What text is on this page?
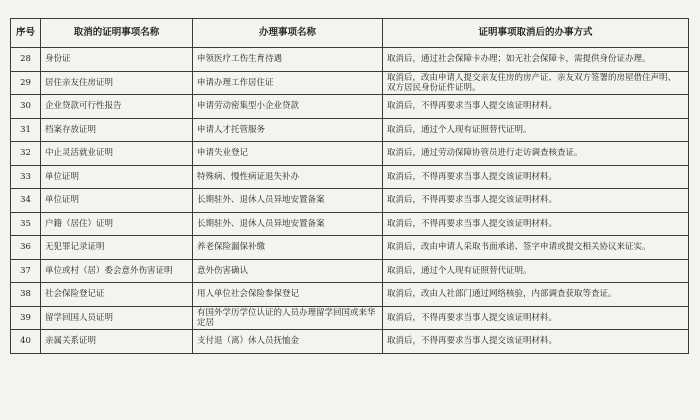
序号	取消的证明事项名称	办理事项名称	证明事项取消后的办事方式
28	身份证	申领医疗工伤生育待遇	取消后，通过社会保障卡办理；如无社会保障卡，需提供身份证办理。
29	居住亲友住房证明	申请办理工作居住证	取消后，改由申请人提交亲友住房的房产证、亲友双方签署的房屋借住声明、双方居民身份证件证明。
30	企业贷款可行性报告	申请劳动密集型小企业贷款	取消后，不得再要求当事人提交该证明材料。
31	档案存放证明	申请人才托管服务	取消后，通过个人现有证照替代证明。
32	中止灵活就业证明	申请失业登记	取消后，通过劳动保障协管员进行走访调查核查证。
33	单位证明	特殊病、慢性病证退失补办	取消后，不得再要求当事人提交该证明材料。
34	单位证明	长期驻外、退休人员异地安置备案	取消后，不得再要求当事人提交该证明材料。
35	户籍（居住）证明	长期驻外、退休人员异地安置备案	取消后，不得再要求当事人提交该证明材料。
36	无犯罪记录证明	养老保险漏保补缴	取消后，改由申请人采取书面承诺、签字申请或提交相关协议来证实。
37	单位或村（居）委会意外伤害证明	意外伤害确认	取消后，通过个人现有证照替代证明。
38	社会保险登记证	用人单位社会保险参保登记	取消后，改由人社部门通过网络核验，内部调查获取等查证。
39	留学回国人员证明	有国外学历学位认证的人员办理留学回国或来华定居	取消后，不得再要求当事人提交该证明材料。
40	亲属关系证明	支付退（离）休人员抚恤金	取消后，不得再要求当事人提交该证明材料。
